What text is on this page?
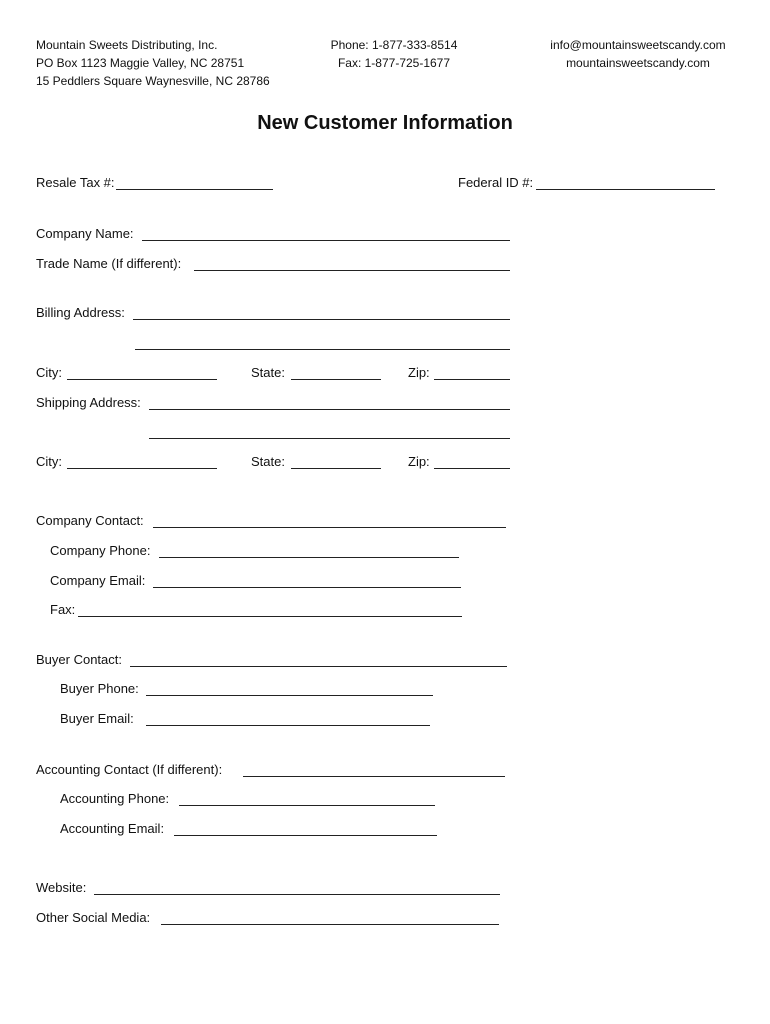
Mountain Sweets Distributing, Inc.
PO Box 1123 Maggie Valley, NC 28751
15 Peddlers Square Waynesville, NC 28786
Phone: 1-877-333-8514
Fax: 1-877-725-1677
info@mountainsweetscandy.com
mountainsweetscandy.com
New Customer Information
Resale Tax #:	Federal ID #:
Company Name:
Trade Name (If different):
Billing Address:
City:	State:	Zip:
Shipping Address:
City:	State:	Zip:
Company Contact:
Company Phone:
Company Email:
Fax:
Buyer Contact:
Buyer Phone:
Buyer Email:
Accounting Contact (If different):
Accounting Phone:
Accounting Email:
Website:
Other Social Media:
